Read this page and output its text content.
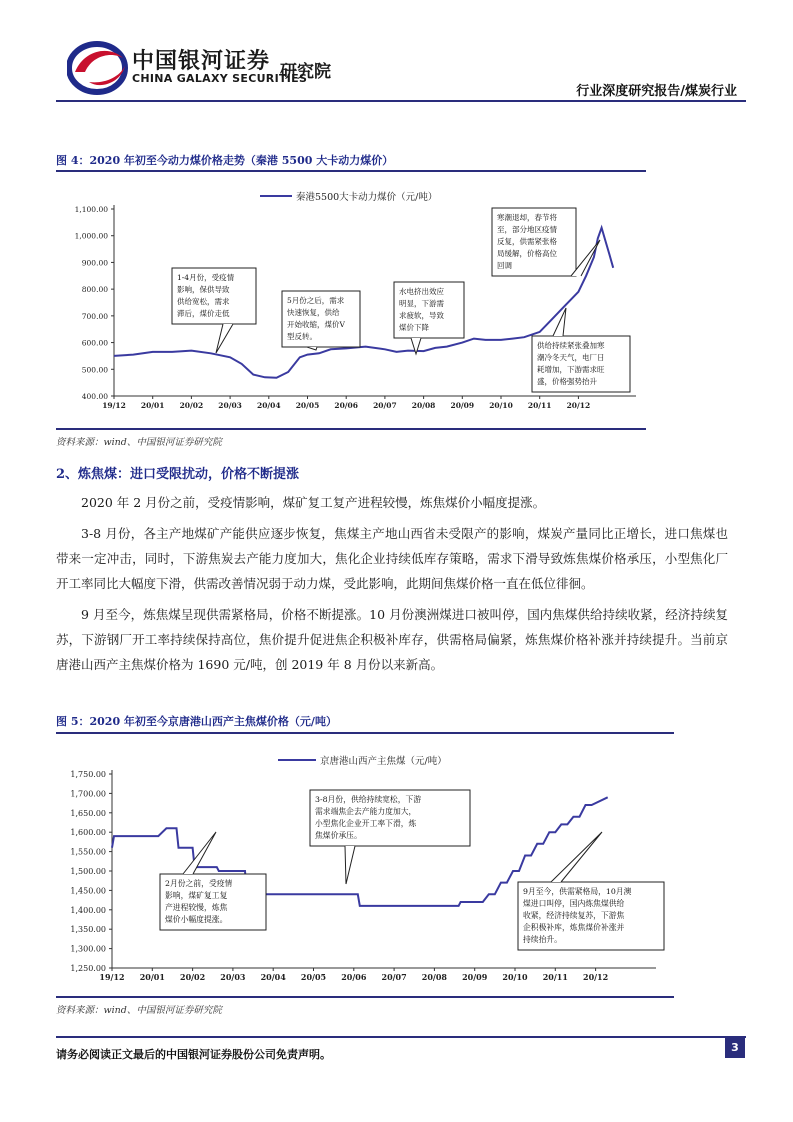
中国银河证券
CHINA GALAXY SECURITIES
研究院
行业深度研究报告/煤炭行业
图 4：2020 年初至今动力煤价格走势（秦港 5500 大卡动力煤价）
秦港5500大卡动力煤价（元/吨）
400.00
500.00
600.00
700.00
800.00
900.00
1,000.00
1,100.00
19/12 20/01 20/02 20/03 20/04 20/05 20/06 20/07 20/08 20/09 20/10 20/11 20/12
1-4月份，受疫情
影响，保供导致
供给宽松，需求
滞后，煤价走低
5月份之后，需求
快速恢复，供给
开始收缩，煤价V
型反转。
水电挤出效应
明显，下游需
求疲软，导致
煤价下降
寒潮退却，春节将
至，部分地区疫情
反复，供需紧张格
局缓解，价格高位
回调
供给持续紧张叠加寒
潮冷冬天气，电厂日
耗增加，下游需求旺
盛，价格强势抬升
资料来源：wind、中国银河证券研究院
2、炼焦煤：进口受限扰动，价格不断提涨

2020 年 2 月份之前，受疫情影响，煤矿复工复产进程较慢，炼焦煤价小幅度提涨。

3-8 月份，各主产地煤矿产能供应逐步恢复，焦煤主产地山西省未受限产的影响，煤炭产量同比正增长，进口焦煤也带来一定冲击，同时，下游焦炭去产能力度加大，焦化企业持续低库存策略，需求下滑导致炼焦煤价格承压，小型焦化厂开工率同比大幅度下滑，供需改善情况弱于动力煤，受此影响，此期间焦煤价格一直在低位徘徊。

9 月至今，炼焦煤呈现供需紧格局，价格不断提涨。10 月份澳洲煤进口被叫停，国内焦煤供给持续收紧，经济持续复苏，下游钢厂开工率持续保持高位，焦价提升促进焦企积极补库存，供需格局偏紧，炼焦煤价格补涨并持续提升。当前京唐港山西产主焦煤价格为 1690 元/吨，创 2019 年 8 月份以来新高。

图 5：2020 年初至今京唐港山西产主焦煤价格（元/吨）
京唐港山西产主焦煤（元/吨）
1,250.00
1,300.00
1,350.00
1,400.00
1,450.00
1,500.00
1,550.00
1,600.00
1,650.00
1,700.00
1,750.00
19/12 20/01 20/02 20/03 20/04 20/05 20/06 20/07 20/08 20/09 20/10 20/11 20/12
2月份之前，受疫情
影响，煤矿复工复
产进程较慢，炼焦
煤价小幅度提涨。
3-8月份，供给持续宽松，下游
需求端焦企去产能力度加大，
小型焦化企业开工率下滑，炼
焦煤价承压。
9月至今，供需紧格局，10月澳
煤进口叫停，国内炼焦煤供给
收紧，经济持续复苏，下游焦
企积极补库，炼焦煤价补涨并
持续抬升。
资料来源：wind、中国银河证券研究院
请务必阅读正文最后的中国银河证券股份公司免责声明。
3
